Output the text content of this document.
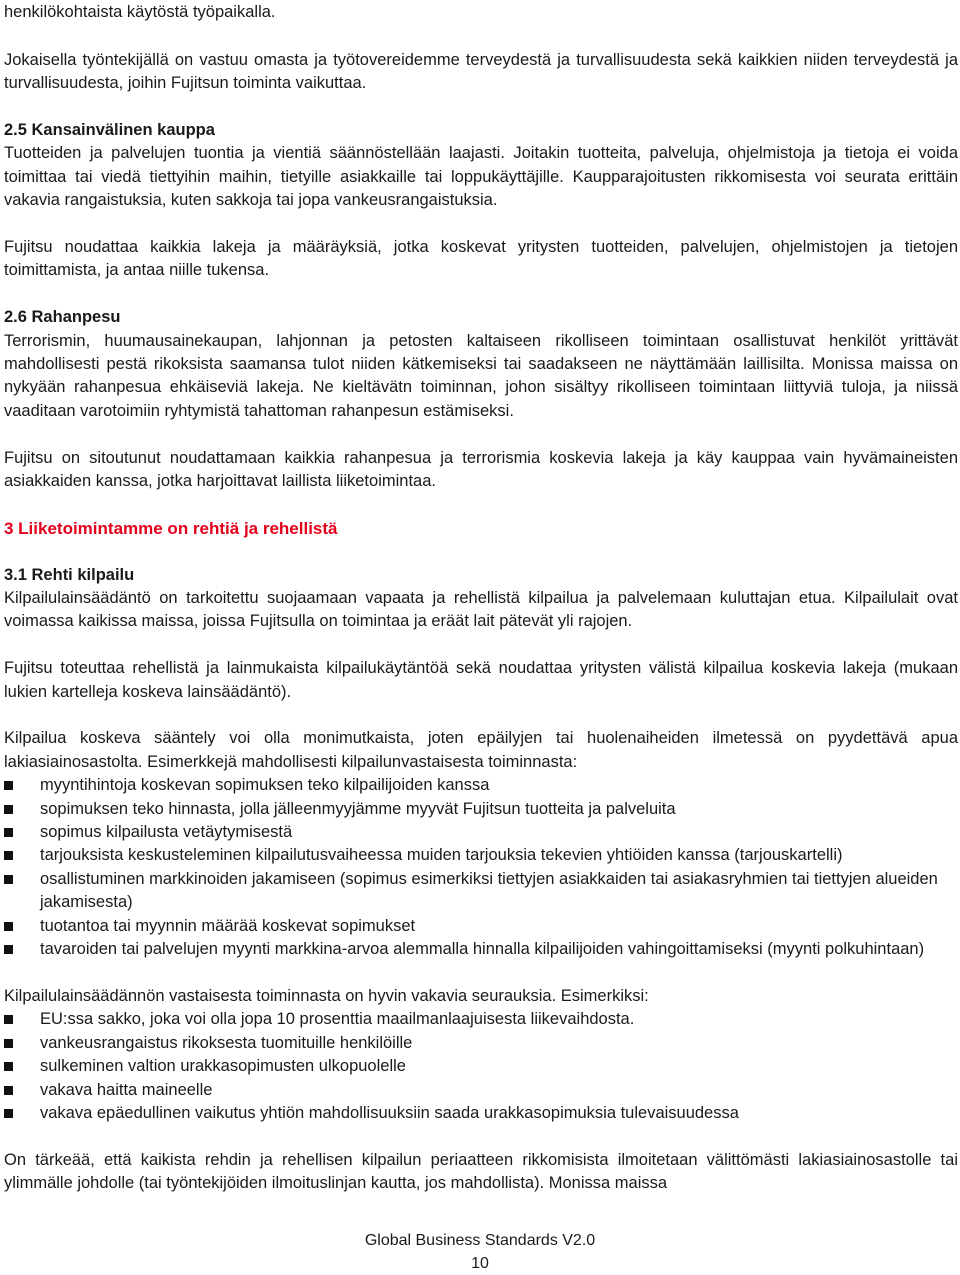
henkilökohtaista käytöstä työpaikalla.

Jokaisella työntekijällä on vastuu omasta ja työtovereidemme terveydestä ja turvallisuudesta sekä kaikkien niiden terveydestä ja turvallisuudesta, joihin Fujitsun toiminta vaikuttaa.

2.5 Kansainvälinen kauppa

Tuotteiden ja palvelujen tuontia ja vientiä säännöstellään laajasti. Joitakin tuotteita, palveluja, ohjelmistoja ja tietoja ei voida toimittaa tai viedä tiettyihin maihin, tietyille asiakkaille tai loppukäyttäjille. Kaupparajoitusten rikkomisesta voi seurata erittäin vakavia rangaistuksia, kuten sakkoja tai jopa vankeusrangaistuksia.

Fujitsu noudattaa kaikkia lakeja ja määräyksiä, jotka koskevat yritysten tuotteiden, palvelujen, ohjelmistojen ja tietojen toimittamista, ja antaa niille tukensa.

2.6 Rahanpesu

Terrorismin, huumausainekaupan, lahjonnan ja petosten kaltaiseen rikolliseen toimintaan osallistuvat henkilöt yrittävät mahdollisesti pestä rikoksista saamansa tulot niiden kätkemiseksi tai saadakseen ne näyttämään laillisilta. Monissa maissa on nykyään rahanpesua ehkäiseviä lakeja. Ne kieltävätn toiminnan, johon sisältyy rikolliseen toimintaan liittyviä tuloja, ja niissä vaaditaan varotoimiin ryhtymistä tahattoman rahanpesun estämiseksi.

Fujitsu on sitoutunut noudattamaan kaikkia rahanpesua ja terrorismia koskevia lakeja ja käy kauppaa vain hyvämaineisten asiakkaiden kanssa, jotka harjoittavat laillista liiketoimintaa.

3 Liiketoimintamme on rehtiä ja rehellistä
3.1 Rehti kilpailu

Kilpailulainsäädäntö on tarkoitettu suojaamaan vapaata ja rehellistä kilpailua ja palvelemaan kuluttajan etua. Kilpailulait ovat voimassa kaikissa maissa, joissa Fujitsulla on toimintaa ja eräät lait pätevät yli rajojen.

Fujitsu toteuttaa rehellistä ja lainmukaista kilpailukäytäntöä sekä noudattaa yritysten välistä kilpailua koskevia lakeja (mukaan lukien kartelleja koskeva lainsäädäntö).

Kilpailua koskeva sääntely voi olla monimutkaista, joten epäilyjen tai huolenaiheiden ilmetessä on pyydettävä apua lakiasiainosastolta. Esimerkkejä mahdollisesti kilpailunvastaisesta toiminnasta:

myyntihintoja koskevan sopimuksen teko kilpailijoiden kanssa
sopimuksen teko hinnasta, jolla jälleenmyyjämme myyvät Fujitsun tuotteita ja palveluita
sopimus kilpailusta vetäytymisestä
tarjouksista keskusteleminen kilpailutusvaiheessa muiden tarjouksia tekevien yhtiöiden kanssa (tarjouskartelli)
osallistuminen markkinoiden jakamiseen (sopimus esimerkiksi tiettyjen asiakkaiden tai asiakasryhmien tai tiettyjen alueiden jakamisesta)
tuotantoa tai myynnin määrää koskevat sopimukset
tavaroiden tai palvelujen myynti markkina-arvoa alemmalla hinnalla kilpailijoiden vahingoittamiseksi (myynti polkuhintaan)

Kilpailulainsäädännön vastaisesta toiminnasta on hyvin vakavia seurauksia. Esimerkiksi:

EU:ssa sakko, joka voi olla jopa 10 prosenttia maailmanlaajuisesta liikevaihdosta.
vankeusrangaistus rikoksesta tuomituille henkilöille
sulkeminen valtion urakkasopimusten ulkopuolelle
vakava haitta maineelle
vakava epäedullinen vaikutus yhtiön mahdollisuuksiin saada urakkasopimuksia tulevaisuudessa

On tärkeää, että kaikista rehdin ja rehellisen kilpailun periaatteen rikkomisista ilmoitetaan välittömästi lakiasiainosastolle tai ylimmälle johdolle (tai työntekijöiden ilmoituslinjan kautta, jos mahdollista). Monissa maissa

Global Business Standards V2.0
10
